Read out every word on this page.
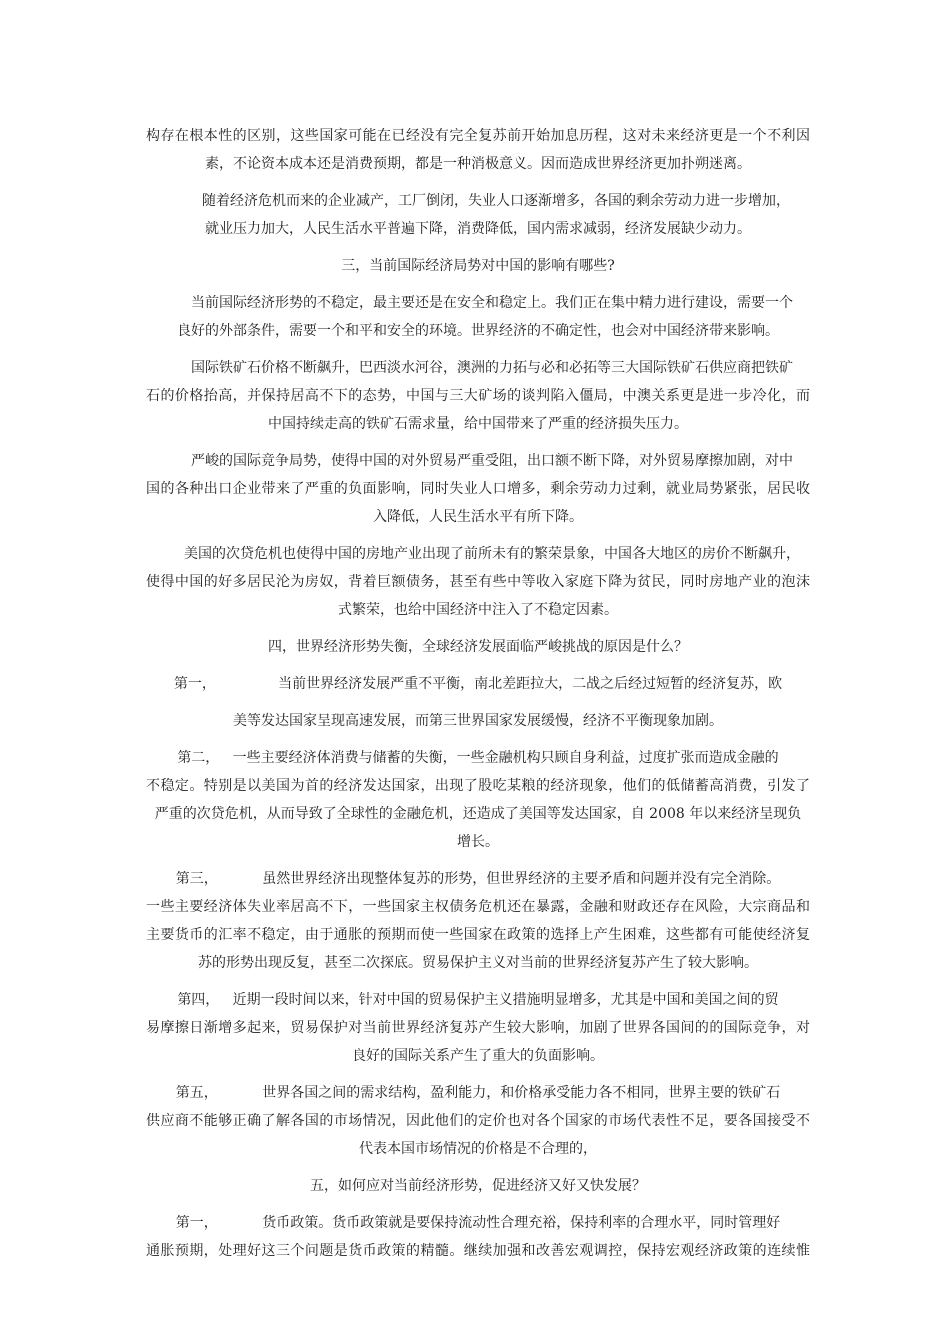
构存在根本性的区别，这些国家可能在已经没有完全复苏前开始加息历程，这对未来经济更是一个不利因
素，不论资本成本还是消费预期，都是一种消极意义。因而造成世界经济更加扑朔迷离。
随着经济危机而来的企业减产，工厂倒闭，失业人口逐渐增多，各国的剩余劳动力进一步增加，
就业压力加大，人民生活水平普遍下降，消费降低，国内需求减弱，经济发展缺少动力。
三，当前国际经济局势对中国的影响有哪些?
当前国际经济形势的不稳定，最主要还是在安全和稳定上。我们正在集中精力进行建设，需要一个
良好的外部条件，需要一个和平和安全的环境。世界经济的不确定性，也会对中国经济带来影响。
国际铁矿石价格不断飙升，巴西淡水河谷，澳洲的力拓与必和必拓等三大国际铁矿石供应商把铁矿
石的价格抬高，并保持居高不下的态势，中国与三大矿场的谈判陷入僵局，中澳关系更是进一步冷化，而
中国持续走高的铁矿石需求量，给中国带来了严重的经济损失压力。
严峻的国际竞争局势，使得中国的对外贸易严重受阻，出口额不断下降，对外贸易摩擦加剧，对中
国的各种出口企业带来了严重的负面影响，同时失业人口增多，剩余劳动力过剩，就业局势紧张，居民收
入降低，人民生活水平有所下降。
美国的次贷危机也使得中国的房地产业出现了前所未有的繁荣景象，中国各大地区的房价不断飙升，
使得中国的好多居民沦为房奴，背着巨额债务，甚至有些中等收入家庭下降为贫民，同时房地产业的泡沫
式繁荣，也给中国经济中注入了不稳定因素。
四，世界经济形势失衡，全球经济发展面临严峻挑战的原因是什么？
第一，              当前世界经济发展严重不平衡，南北差距拉大，二战之后经过短暂的经济复苏，欧
美等发达国家呈现高速发展，而第三世界国家发展缓慢，经济不平衡现象加剧。
第二，   一些主要经济体消费与储蓄的失衡，一些金融机构只顾自身利益，过度扩张而造成金融的
不稳定。特别是以美国为首的经济发达国家，出现了股吃某粮的经济现象，他们的低储蓄高消费，引发了
严重的次贷危机，从而导致了全球性的金融危机，还造成了美国等发达国家，自 2008 年以来经济呈现负
增长。
第三，          虽然世界经济出现整体复苏的形势，但世界经济的主要矛盾和问题并没有完全消除。
一些主要经济体失业率居高不下，一些国家主权债务危机还在暴露，金融和财政还存在风险，大宗商品和
主要货币的汇率不稳定，由于通胀的预期而使一些国家在政策的选择上产生困难，这些都有可能使经济复
苏的形势出现反复，甚至二次探底。贸易保护主义对当前的世界经济复苏产生了较大影响。
第四，   近期一段时间以来，针对中国的贸易保护主义措施明显增多，尤其是中国和美国之间的贸
易摩擦日渐增多起来，贸易保护对当前世界经济复苏产生较大影响，加剧了世界各国间的的国际竞争，对
良好的国际关系产生了重大的负面影响。
第五，          世界各国之间的需求结构，盈利能力，和价格承受能力各不相同，世界主要的铁矿石
供应商不能够正确了解各国的市场情况，因此他们的定价也对各个国家的市场代表性不足，要各国接受不
代表本国市场情况的价格是不合理的，
五，如何应对当前经济形势，促进经济又好又快发展？
第一，          货币政策。货币政策就是要保持流动性合理充裕，保持利率的合理水平，同时管理好
通胀预期，处理好这三个问题是货币政策的精髓。继续加强和改善宏观调控，保持宏观经济政策的连续惟
